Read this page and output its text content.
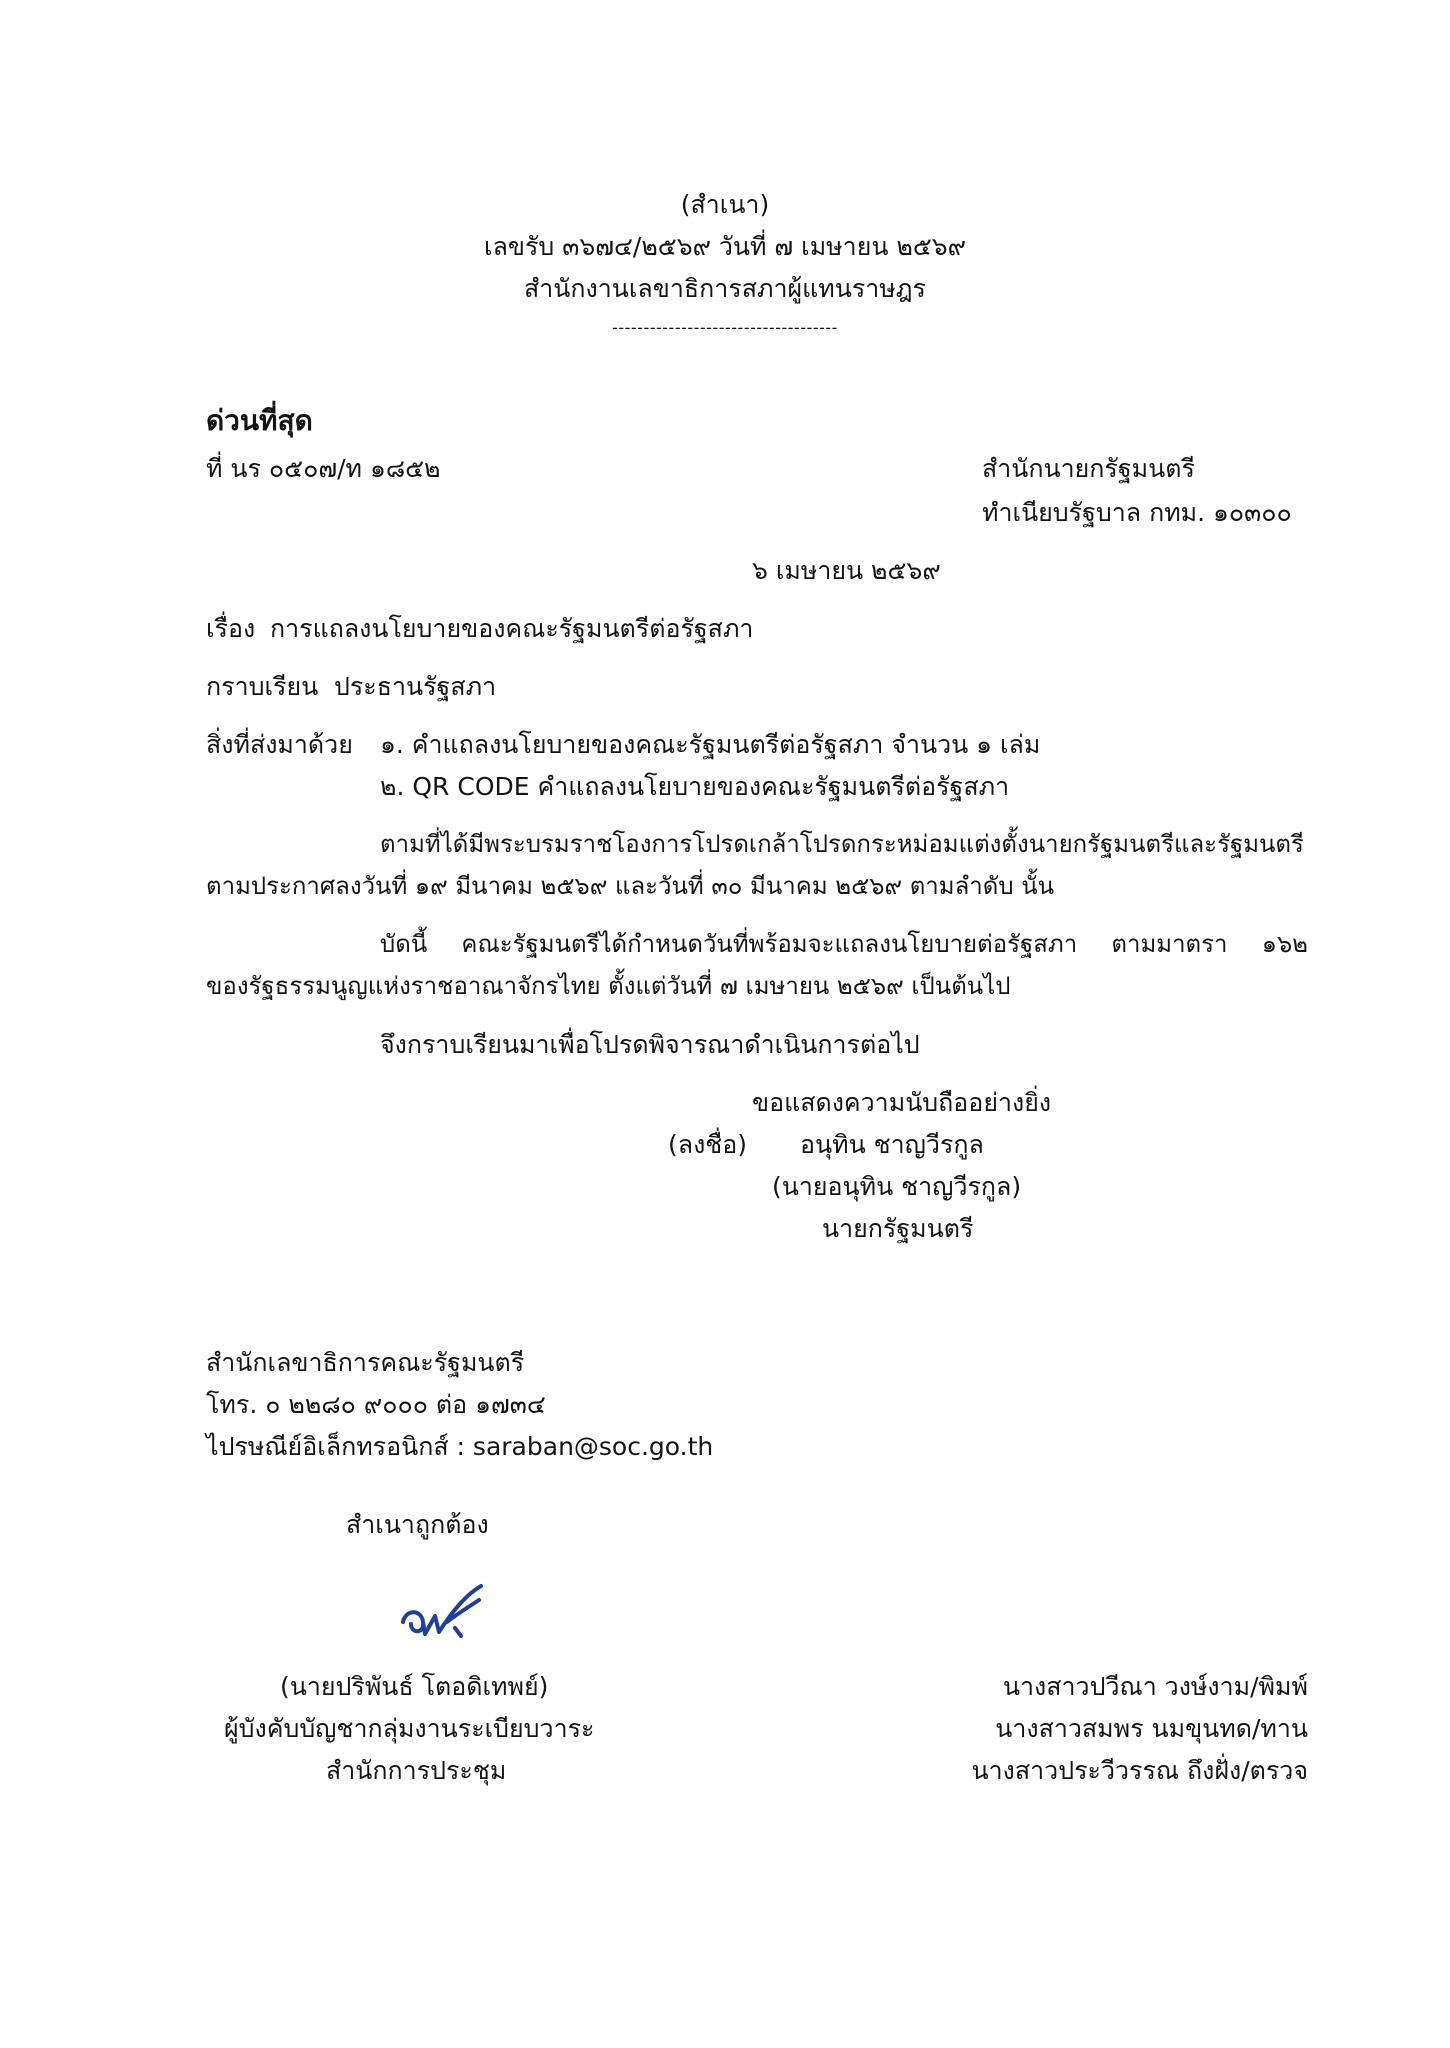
(สำเนา)
เลขรับ ๓๖๗๔/๒๕๖๙ วันที่ ๗ เมษายน ๒๕๖๙
สำนักงานเลขาธิการสภาผู้แทนราษฎร
------------------------------------
ด่วนที่สุด
ที่ นร ๐๕๐๗/ท ๑๘๕๒	สำนักนายกรัฐมนตรี
ทำเนียบรัฐบาล กทม. ๑๐๓๐๐
๖ เมษายน ๒๕๖๙
เรื่อง การแถลงนโยบายของคณะรัฐมนตรีต่อรัฐสภา
กราบเรียน ประธานรัฐสภา
สิ่งที่ส่งมาด้วย ๑. คำแถลงนโยบายของคณะรัฐมนตรีต่อรัฐสภา จำนวน ๑ เล่ม
๒. QR CODE คำแถลงนโยบายของคณะรัฐมนตรีต่อรัฐสภา
ตามที่ได้มีพระบรมราชโองการโปรดเกล้าโปรดกระหม่อมแต่งตั้งนายกรัฐมนตรีและรัฐมนตรี
ตามประกาศลงวันที่ ๑๙ มีนาคม ๒๕๖๙ และวันที่ ๓๐ มีนาคม ๒๕๖๙ ตามลำดับ นั้น
บัดนี้ คณะรัฐมนตรีได้กำหนดวันที่พร้อมจะแถลงนโยบายต่อรัฐสภา ตามมาตรา ๑๖๒
ของรัฐธรรมนูญแห่งราชอาณาจักรไทย ตั้งแต่วันที่ ๗ เมษายน ๒๕๖๙ เป็นต้นไป
จึงกราบเรียนมาเพื่อโปรดพิจารณาดำเนินการต่อไป
ขอแสดงความนับถืออย่างยิ่ง
(ลงชื่อ) อนุทิน ชาญวีรกูล
(นายอนุทิน ชาญวีรกูล)
นายกรัฐมนตรี
สำนักเลขาธิการคณะรัฐมนตรี
โทร. ๐ ๒๒๘๐ ๙๐๐๐ ต่อ ๑๗๓๔
ไปรษณีย์อิเล็กทรอนิกส์ : saraban@soc.go.th
สำเนาถูกต้อง
(นายปริพันธ์ โตอดิเทพย์)
ผู้บังคับบัญชากลุ่มงานระเบียบวาระ
สำนักการประชุม
นางสาวปวีณา วงษ์งาม/พิมพ์
นางสาวสมพร นมขุนทด/ทาน
นางสาวประวีวรรณ ถึงฝั่ง/ตรวจ
